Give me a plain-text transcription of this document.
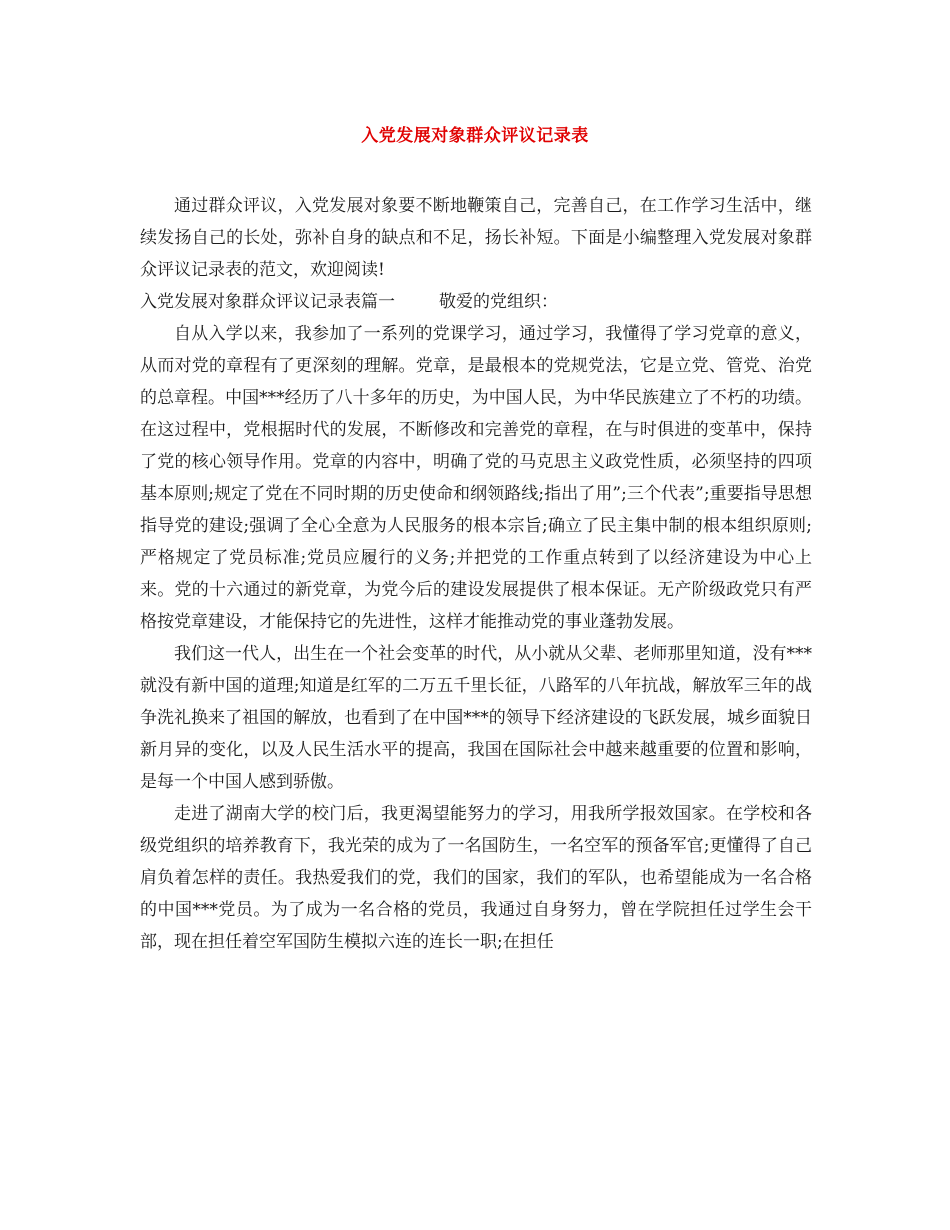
入党发展对象群众评议记录表

通过群众评议，入党发展对象要不断地鞭策自己，完善自己，在工作学习生活中，继续发扬自己的长处，弥补自身的缺点和不足，扬长补短。下面是小编整理入党发展对象群众评议记录表的范文，欢迎阅读!

入党发展对象群众评议记录表篇一	敬爱的党组织：

自从入学以来，我参加了一系列的党课学习，通过学习，我懂得了学习党章的意义，从而对党的章程有了更深刻的理解。党章，是最根本的党规党法，它是立党、管党、治党的总章程。中国***经历了八十多年的历史，为中国人民，为中华民族建立了不朽的功绩。在这过程中，党根据时代的发展，不断修改和完善党的章程，在与时俱进的变革中，保持了党的核心领导作用。党章的内容中，明确了党的马克思主义政党性质，必须坚持的四项基本原则;规定了党在不同时期的历史使命和纲领路线;指出了用”;三个代表”;重要指导思想指导党的建设;强调了全心全意为人民服务的根本宗旨;确立了民主集中制的根本组织原则;严格规定了党员标准;党员应履行的义务;并把党的工作重点转到了以经济建设为中心上来。党的十六通过的新党章，为党今后的建设发展提供了根本保证。无产阶级政党只有严格按党章建设，才能保持它的先进性，这样才能推动党的事业蓬勃发展。

我们这一代人，出生在一个社会变革的时代，从小就从父辈、老师那里知道，没有***就没有新中国的道理;知道是红军的二万五千里长征，八路军的八年抗战，解放军三年的战争洗礼换来了祖国的解放，也看到了在中国***的领导下经济建设的飞跃发展，城乡面貌日新月异的变化，以及人民生活水平的提高，我国在国际社会中越来越重要的位置和影响，是每一个中国人感到骄傲。

走进了湖南大学的校门后，我更渴望能努力的学习，用我所学报效国家。在学校和各级党组织的培养教育下，我光荣的成为了一名国防生，一名空军的预备军官;更懂得了自己肩负着怎样的责任。我热爱我们的党，我们的国家，我们的军队，也希望能成为一名合格的中国***党员。为了成为一名合格的党员，我通过自身努力，曾在学院担任过学生会干部，现在担任着空军国防生模拟六连的连长一职;在担任
